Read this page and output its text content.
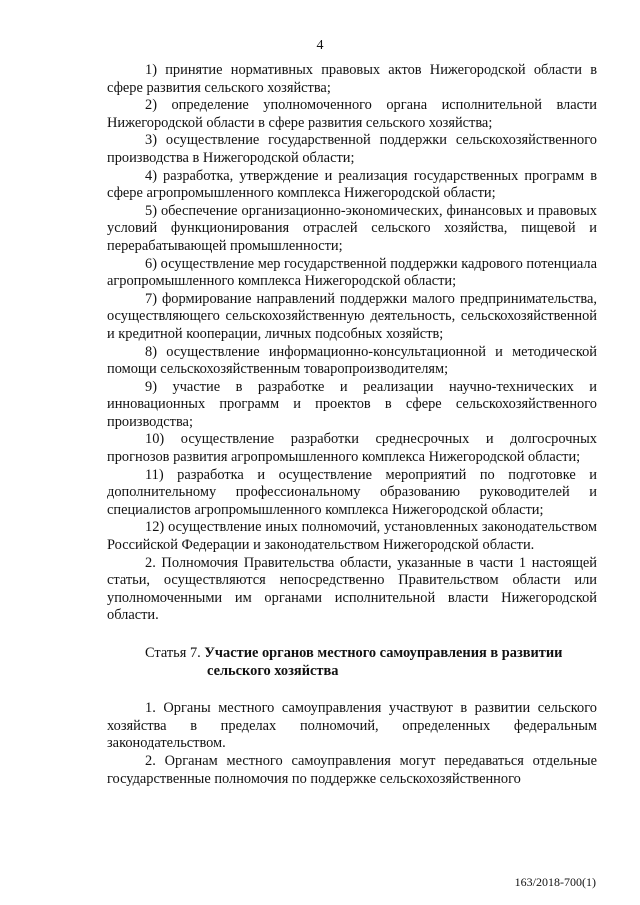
4

1) принятие нормативных правовых актов Нижегородской области в сфере развития сельского хозяйства;

2) определение уполномоченного органа исполнительной власти Нижегородской области в сфере развития сельского хозяйства;

3) осуществление государственной поддержки сельскохозяйственного производства в Нижегородской области;

4) разработка, утверждение и реализация государственных программ в сфере агропромышленного комплекса Нижегородской области;

5) обеспечение организационно-экономических, финансовых и правовых условий функционирования отраслей сельского хозяйства, пищевой и перерабатывающей промышленности;

6) осуществление мер государственной поддержки кадрового потенциала агропромышленного комплекса Нижегородской области;

7) формирование направлений поддержки малого предпринимательства, осуществляющего сельскохозяйственную деятельность, сельскохозяйственной и кредитной кооперации, личных подсобных хозяйств;

8) осуществление информационно-консультационной и методической помощи сельскохозяйственным товаропроизводителям;

9) участие в разработке и реализации научно-технических и инновационных программ и проектов в сфере сельскохозяйственного производства;

10) осуществление разработки среднесрочных и долгосрочных прогнозов развития агропромышленного комплекса Нижегородской области;

11) разработка и осуществление мероприятий по подготовке и дополнительному профессиональному образованию руководителей и специалистов агропромышленного комплекса Нижегородской области;

12) осуществление иных полномочий, установленных законодательством Российской Федерации и законодательством Нижегородской области.

2. Полномочия Правительства области, указанные в части 1 настоящей статьи, осуществляются непосредственно Правительством области или уполномоченными им органами исполнительной власти Нижегородской области.

Статья 7. Участие органов местного самоуправления в развитии
сельского хозяйства

1. Органы местного самоуправления участвуют в развитии сельского хозяйства в пределах полномочий, определенных федеральным законодательством.

2. Органам местного самоуправления могут передаваться отдельные государственные полномочия по поддержке сельскохозяйственного

163/2018-700(1)
